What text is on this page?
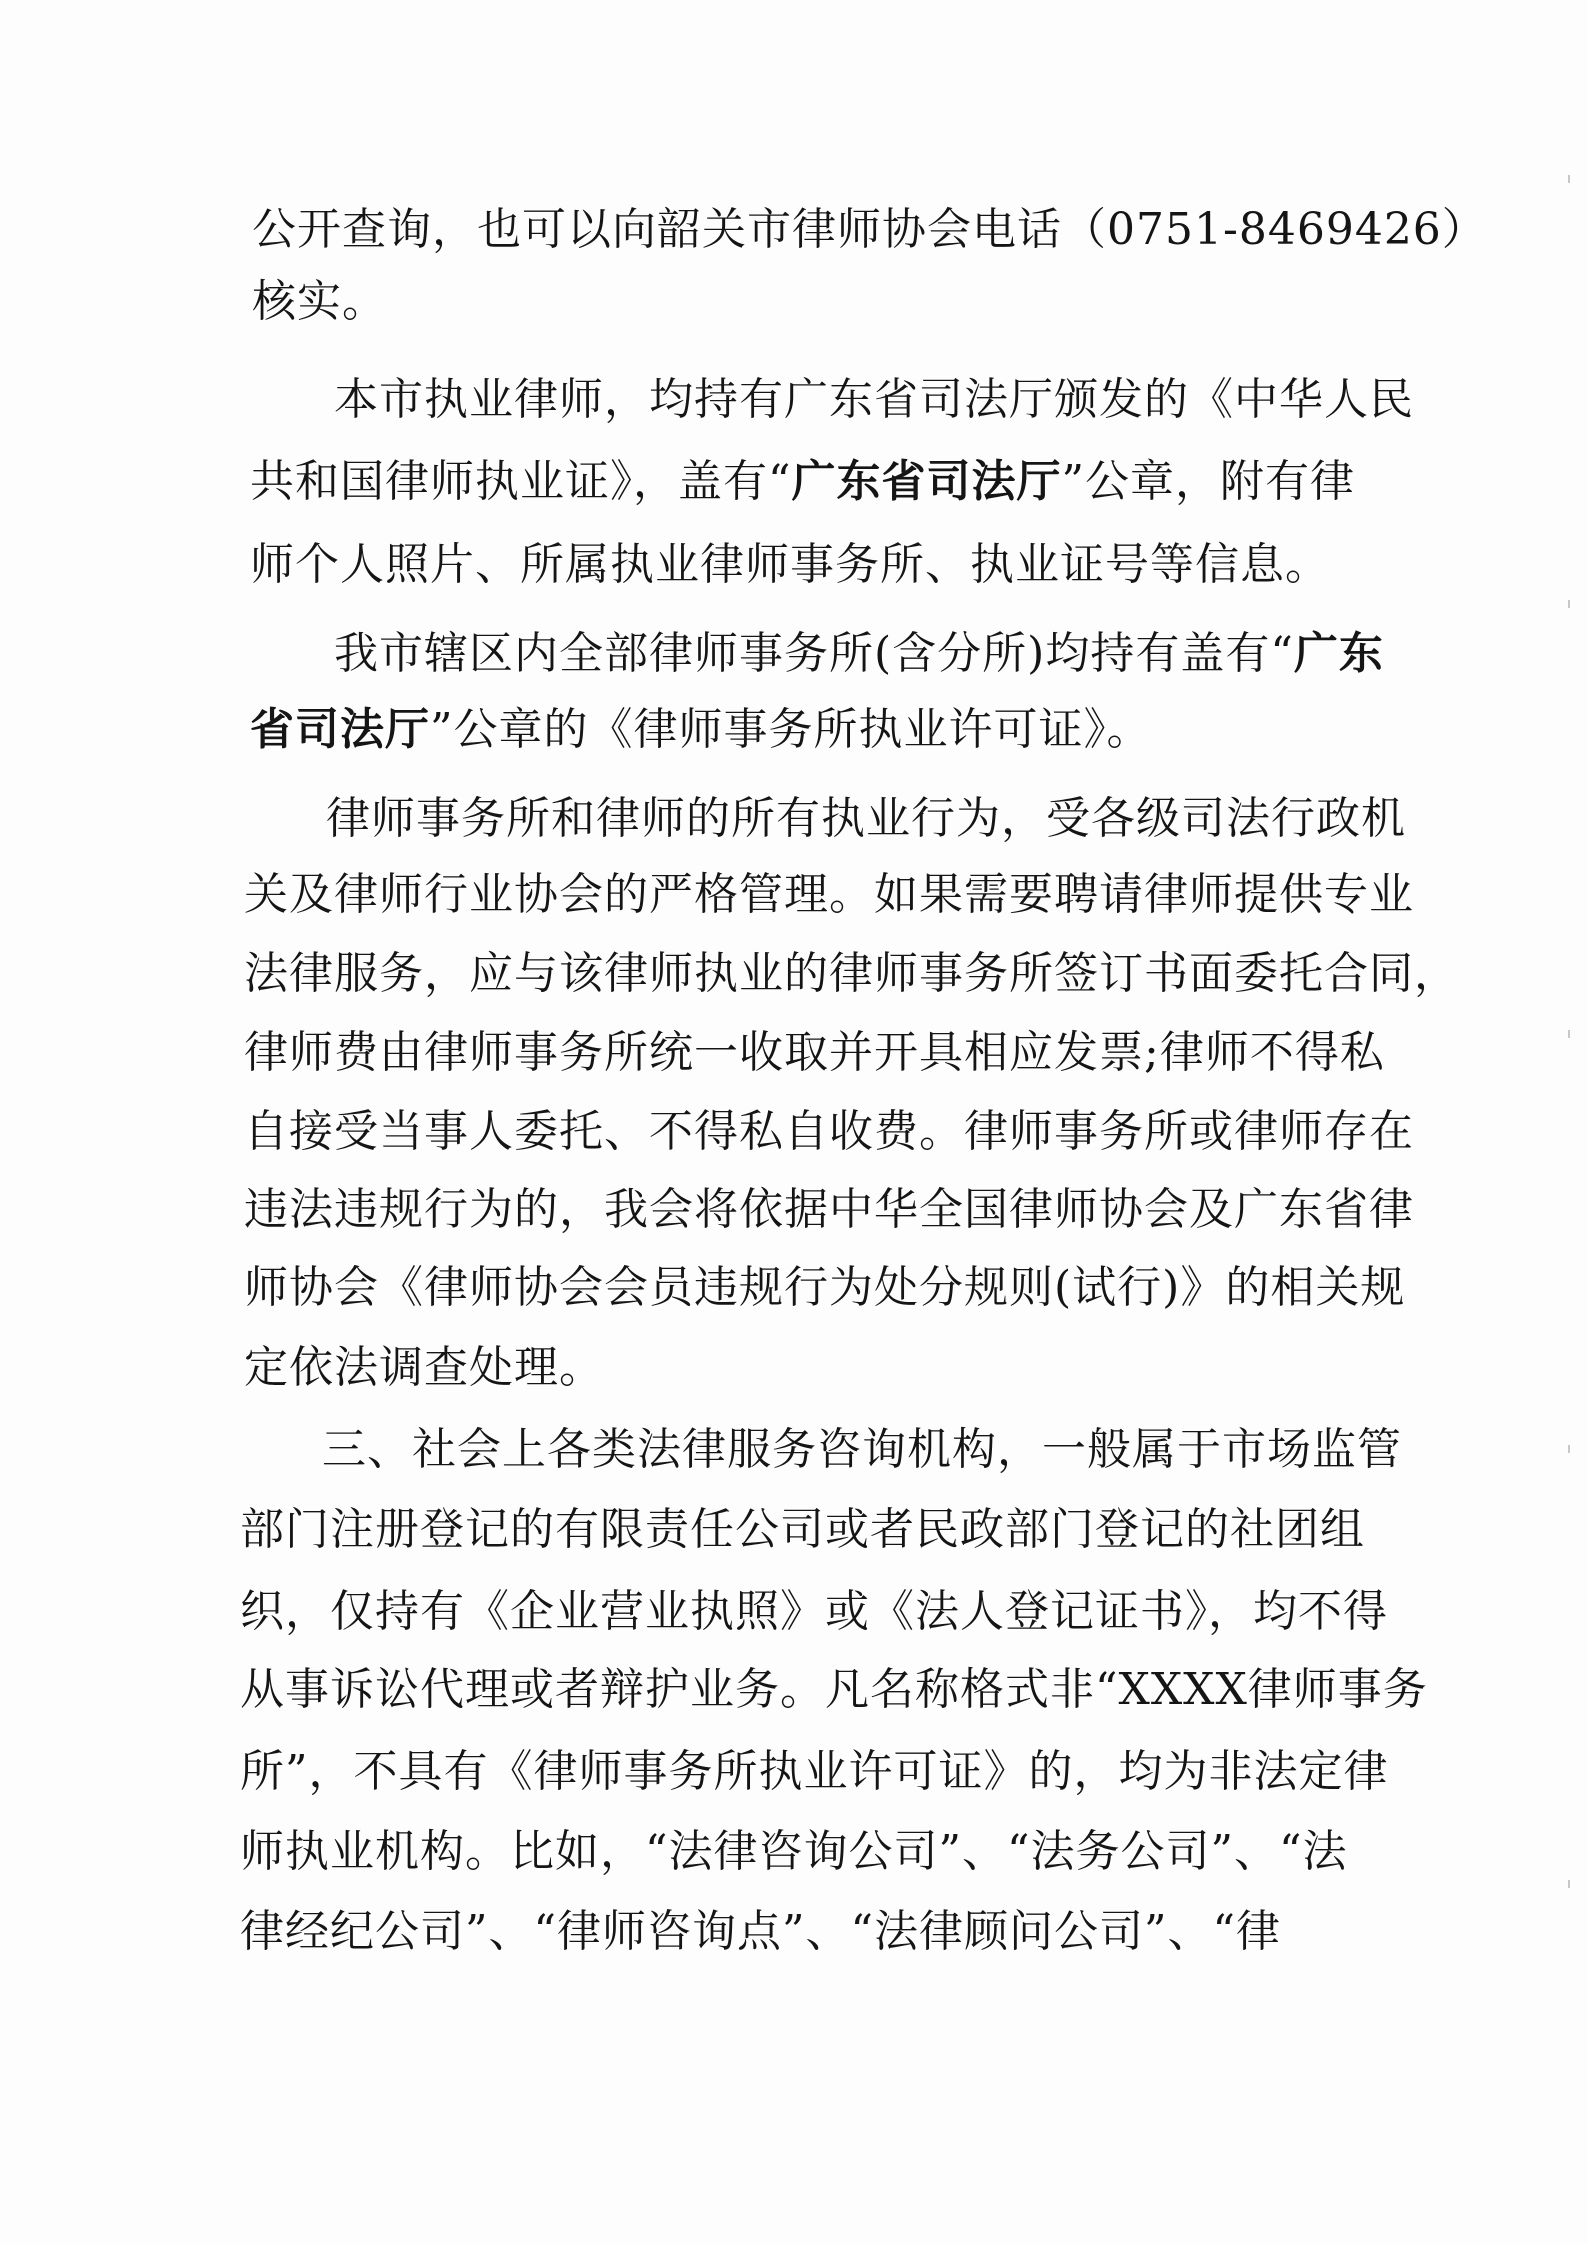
公开查询，也可以向韶关市律师协会电话（0751-8469426）
核实。
本市执业律师，均持有广东省司法厅颁发的《中华人民
共和国律师执业证》，盖有“广东省司法厅”公章，附有律
师个人照片、所属执业律师事务所、执业证号等信息。
我市辖区内全部律师事务所(含分所)均持有盖有“广东
省司法厅”公章的《律师事务所执业许可证》。
律师事务所和律师的所有执业行为，受各级司法行政机
关及律师行业协会的严格管理。如果需要聘请律师提供专业
法律服务，应与该律师执业的律师事务所签订书面委托合同，
律师费由律师事务所统一收取并开具相应发票;律师不得私
自接受当事人委托、不得私自收费。律师事务所或律师存在
违法违规行为的，我会将依据中华全国律师协会及广东省律
师协会《律师协会会员违规行为处分规则(试行)》的相关规
定依法调查处理。
三、社会上各类法律服务咨询机构，一般属于市场监管
部门注册登记的有限责任公司或者民政部门登记的社团组
织，仅持有《企业营业执照》或《法人登记证书》，均不得
从事诉讼代理或者辩护业务。凡名称格式非“XXXX律师事务
所”，不具有《律师事务所执业许可证》的，均为非法定律
师执业机构。比如，“法律咨询公司”、“法务公司”、“法
律经纪公司”、“律师咨询点”、“法律顾问公司”、“律
